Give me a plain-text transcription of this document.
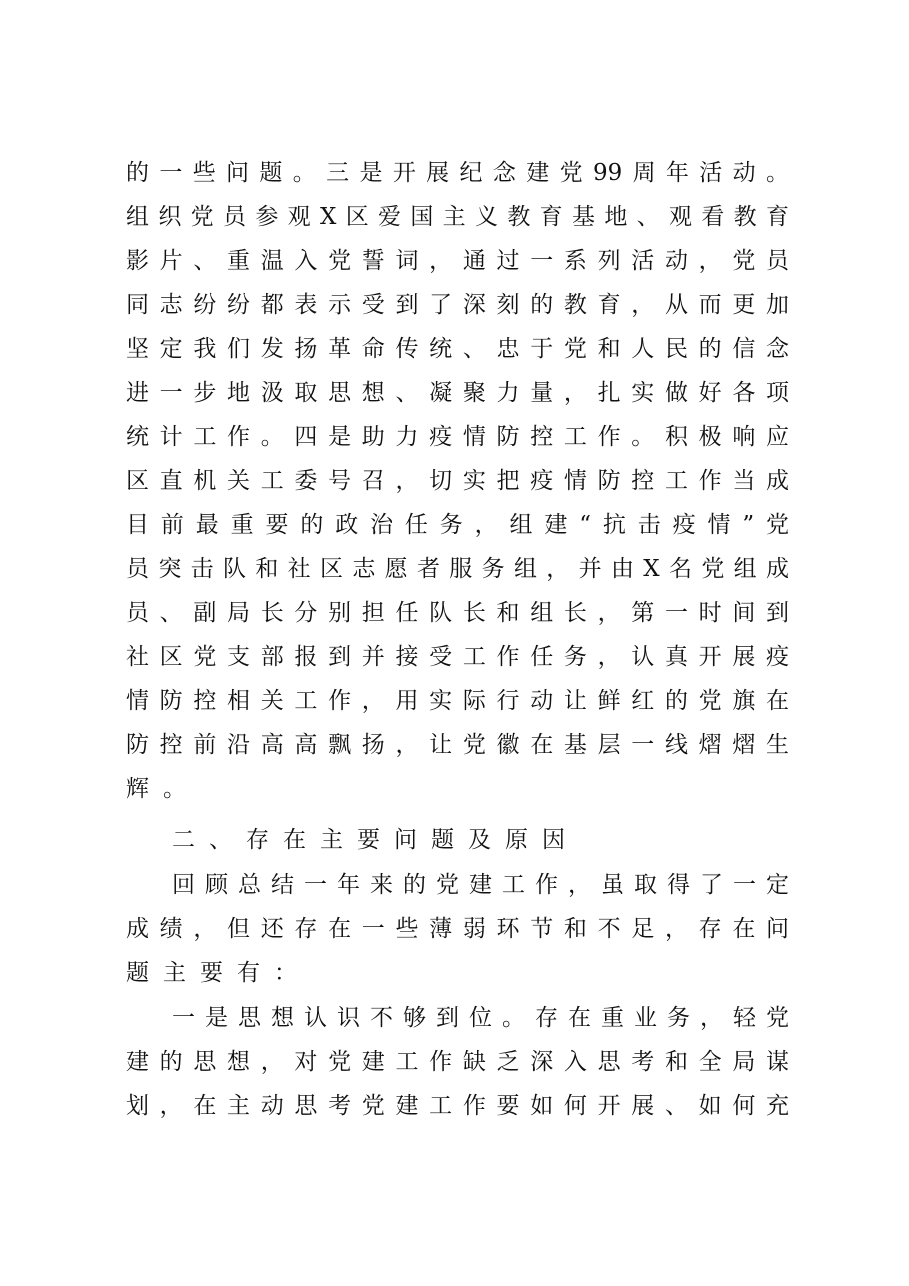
的一些问题。三是开展纪念建党99周年活动。
组织党员参观X区爱国主义教育基地、观看教育
影片、重温入党誓词，通过一系列活动，党员
同志纷纷都表示受到了深刻的教育，从而更加
坚定我们发扬革命传统、忠于党和人民的信念
进一步地汲取思想、凝聚力量，扎实做好各项
统计工作。四是助力疫情防控工作。积极响应
区直机关工委号召，切实把疫情防控工作当成
目前最重要的政治任务，组建“抗击疫情”党
员突击队和社区志愿者服务组，并由X名党组成
员、副局长分别担任队长和组长，第一时间到
社区党支部报到并接受工作任务，认真开展疫
情防控相关工作，用实际行动让鲜红的党旗在
防控前沿高高飘扬，让党徽在基层一线熠熠生
辉。
二、存在主要问题及原因
回顾总结一年来的党建工作，虽取得了一定
成绩，但还存在一些薄弱环节和不足，存在问
题主要有：
一是思想认识不够到位。存在重业务，轻党
建的思想，对党建工作缺乏深入思考和全局谋
划，在主动思考党建工作要如何开展、如何充
